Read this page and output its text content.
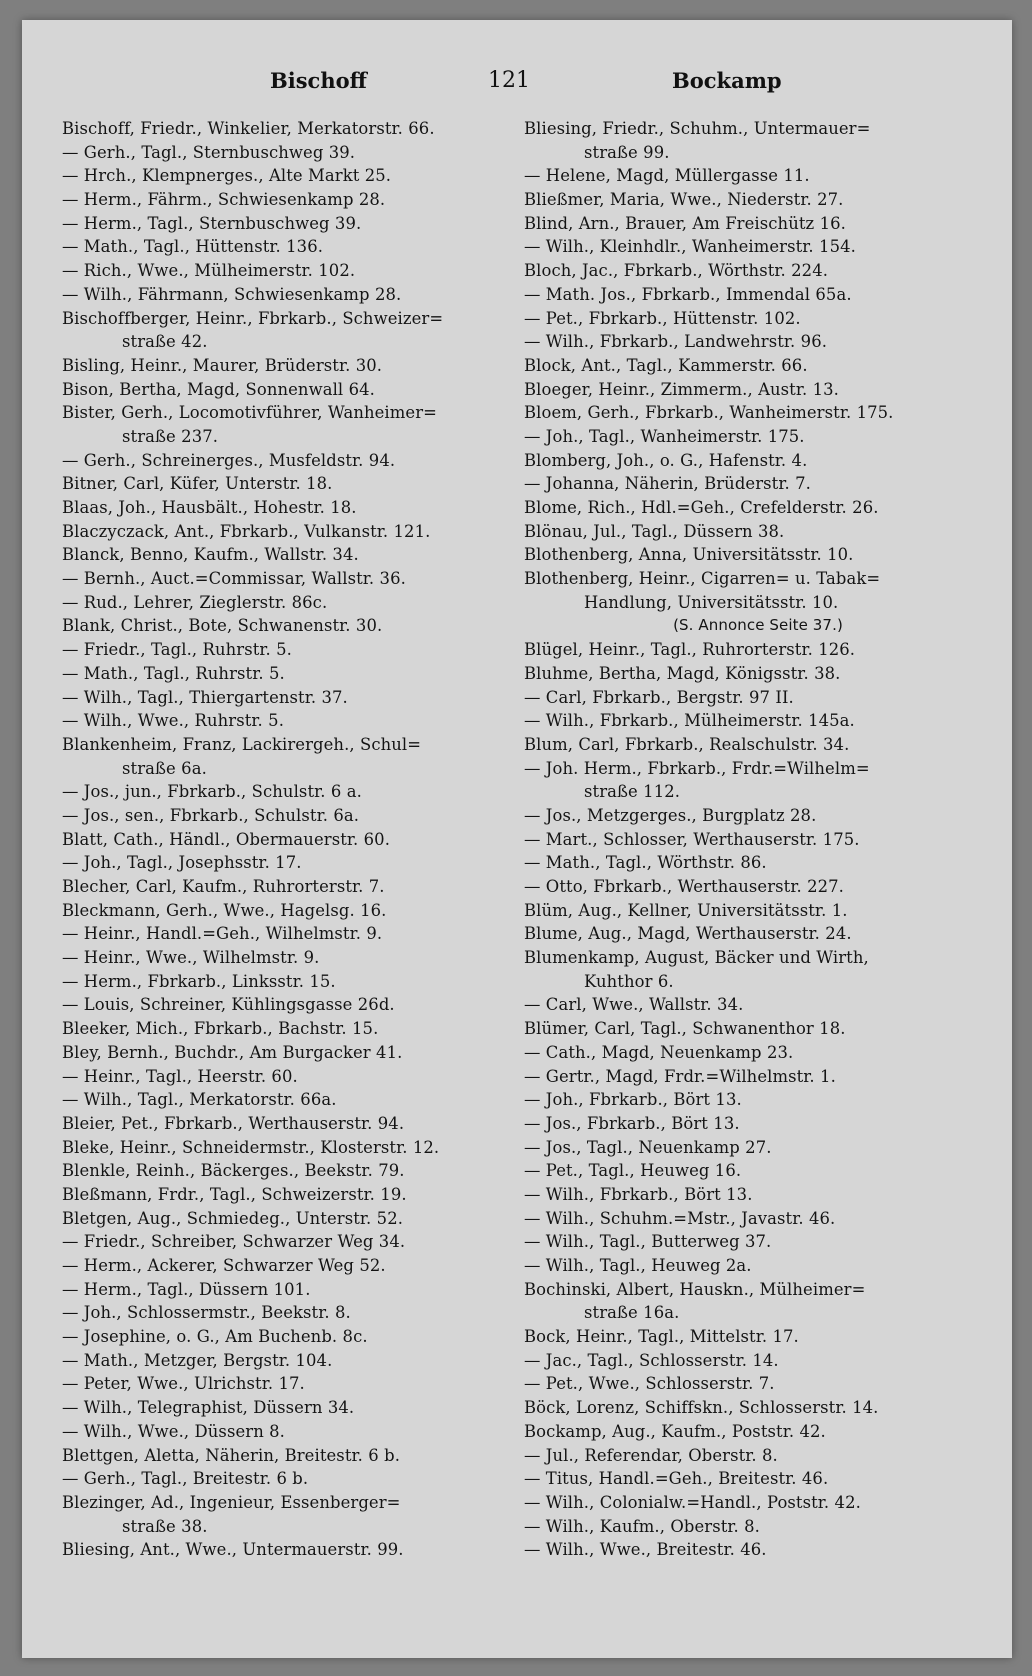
Bischoff	121	Bockamp
Bischoff, Friedr., Winkelier, Merkatorstr. 66.
— Gerh., Tagl., Sternbuschweg 39.
— Hrch., Klempnerges., Alte Markt 25.
— Herm., Fährm., Schwiesenkamp 28.
— Herm., Tagl., Sternbuschweg 39.
— Math., Tagl., Hüttenstr. 136.
— Rich., Wwe., Mülheimerstr. 102.
— Wilh., Fährmann, Schwiesenkamp 28.
Bischoffberger, Heinr., Fbrkarb., Schweizer=
straße 42.
Bisling, Heinr., Maurer, Brüderstr. 30.
Bison, Bertha, Magd, Sonnenwall 64.
Bister, Gerh., Locomotivführer, Wanheimer=
straße 237.
— Gerh., Schreinerges., Musfeldstr. 94.
Bitner, Carl, Küfer, Unterstr. 18.
Blaas, Joh., Hausbält., Hohestr. 18.
Blaczyczack, Ant., Fbrkarb., Vulkanstr. 121.
Blanck, Benno, Kaufm., Wallstr. 34.
— Bernh., Auct.=Commissar, Wallstr. 36.
— Rud., Lehrer, Zieglerstr. 86c.
Blank, Christ., Bote, Schwanenstr. 30.
— Friedr., Tagl., Ruhrstr. 5.
— Math., Tagl., Ruhrstr. 5.
— Wilh., Tagl., Thiergartenstr. 37.
— Wilh., Wwe., Ruhrstr. 5.
Blankenheim, Franz, Lackirergeh., Schul=
straße 6a.
— Jos., jun., Fbrkarb., Schulstr. 6 a.
— Jos., sen., Fbrkarb., Schulstr. 6a.
Blatt, Cath., Händl., Obermauerstr. 60.
— Joh., Tagl., Josephsstr. 17.
Blecher, Carl, Kaufm., Ruhrorterstr. 7.
Bleckmann, Gerh., Wwe., Hagelsg. 16.
— Heinr., Handl.=Geh., Wilhelmstr. 9.
— Heinr., Wwe., Wilhelmstr. 9.
— Herm., Fbrkarb., Linksstr. 15.
— Louis, Schreiner, Kühlingsgasse 26d.
Bleeker, Mich., Fbrkarb., Bachstr. 15.
Bley, Bernh., Buchdr., Am Burgacker 41.
— Heinr., Tagl., Heerstr. 60.
— Wilh., Tagl., Merkatorstr. 66a.
Bleier, Pet., Fbrkarb., Werthauserstr. 94.
Bleke, Heinr., Schneidermstr., Klosterstr. 12.
Blenkle, Reinh., Bäckerges., Beekstr. 79.
Bleßmann, Frdr., Tagl., Schweizerstr. 19.
Bletgen, Aug., Schmiedeg., Unterstr. 52.
— Friedr., Schreiber, Schwarzer Weg 34.
— Herm., Ackerer, Schwarzer Weg 52.
— Herm., Tagl., Düssern 101.
— Joh., Schlossermstr., Beekstr. 8.
— Josephine, o. G., Am Buchenb. 8c.
— Math., Metzger, Bergstr. 104.
— Peter, Wwe., Ulrichstr. 17.
— Wilh., Telegraphist, Düssern 34.
— Wilh., Wwe., Düssern 8.
Blettgen, Aletta, Näherin, Breitestr. 6 b.
— Gerh., Tagl., Breitestr. 6 b.
Blezinger, Ad., Ingenieur, Essenberger=
straße 38.
Bliesing, Ant., Wwe., Untermauerstr. 99.
Bliesing, Friedr., Schuhm., Untermauer=
straße 99.
— Helene, Magd, Müllergasse 11.
Bließmer, Maria, Wwe., Niederstr. 27.
Blind, Arn., Brauer, Am Freischütz 16.
— Wilh., Kleinhdlr., Wanheimerstr. 154.
Bloch, Jac., Fbrkarb., Wörthstr. 224.
— Math. Jos., Fbrkarb., Immendal 65a.
— Pet., Fbrkarb., Hüttenstr. 102.
— Wilh., Fbrkarb., Landwehrstr. 96.
Block, Ant., Tagl., Kammerstr. 66.
Bloeger, Heinr., Zimmerm., Austr. 13.
Bloem, Gerh., Fbrkarb., Wanheimerstr. 175.
— Joh., Tagl., Wanheimerstr. 175.
Blomberg, Joh., o. G., Hafenstr. 4.
— Johanna, Näherin, Brüderstr. 7.
Blome, Rich., Hdl.=Geh., Crefelderstr. 26.
Blönau, Jul., Tagl., Düssern 38.
Blothenberg, Anna, Universitätsstr. 10.
Blothenberg, Heinr., Cigarren= u. Tabak=
Handlung, Universitätsstr. 10.
(S. Annonce Seite 37.)
Blügel, Heinr., Tagl., Ruhrorterstr. 126.
Bluhme, Bertha, Magd, Königsstr. 38.
— Carl, Fbrkarb., Bergstr. 97 II.
— Wilh., Fbrkarb., Mülheimerstr. 145a.
Blum, Carl, Fbrkarb., Realschulstr. 34.
— Joh. Herm., Fbrkarb., Frdr.=Wilhelm=
straße 112.
— Jos., Metzgerges., Burgplatz 28.
— Mart., Schlosser, Werthauserstr. 175.
— Math., Tagl., Wörthstr. 86.
— Otto, Fbrkarb., Werthauserstr. 227.
Blüm, Aug., Kellner, Universitätsstr. 1.
Blume, Aug., Magd, Werthauserstr. 24.
Blumenkamp, August, Bäcker und Wirth,
Kuhthor 6.
— Carl, Wwe., Wallstr. 34.
Blümer, Carl, Tagl., Schwanenthor 18.
— Cath., Magd, Neuenkamp 23.
— Gertr., Magd, Frdr.=Wilhelmstr. 1.
— Joh., Fbrkarb., Bört 13.
— Jos., Fbrkarb., Bört 13.
— Jos., Tagl., Neuenkamp 27.
— Pet., Tagl., Heuweg 16.
— Wilh., Fbrkarb., Bört 13.
— Wilh., Schuhm.=Mstr., Javastr. 46.
— Wilh., Tagl., Butterweg 37.
— Wilh., Tagl., Heuweg 2a.
Bochinski, Albert, Hauskn., Mülheimer=
straße 16a.
Bock, Heinr., Tagl., Mittelstr. 17.
— Jac., Tagl., Schlosserstr. 14.
— Pet., Wwe., Schlosserstr. 7.
Böck, Lorenz, Schiffskn., Schlosserstr. 14.
Bockamp, Aug., Kaufm., Poststr. 42.
— Jul., Referendar, Oberstr. 8.
— Titus, Handl.=Geh., Breitestr. 46.
— Wilh., Colonialw.=Handl., Poststr. 42.
— Wilh., Kaufm., Oberstr. 8.
— Wilh., Wwe., Breitestr. 46.
